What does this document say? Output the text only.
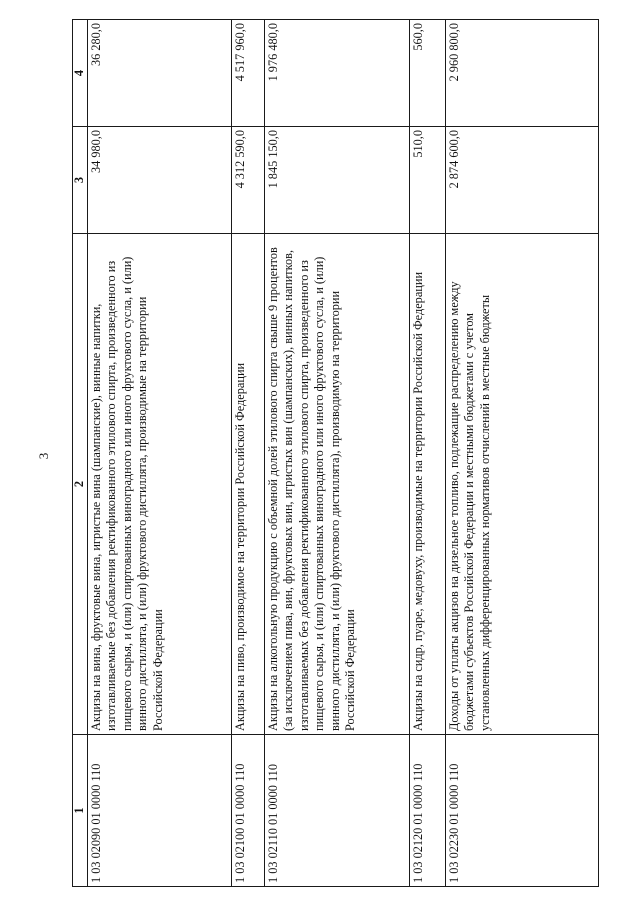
3
1	2	3	4
1 03 02090 01 0000 110	Акцизы на вина, фруктовые вина, игристые вина (шампанские), винные напитки, изготавливаемые без добавления ректификованного этилового спирта, произведенного из пищевого сырья, и (или) спиртованных виноградного или иного фруктового сусла, и (или) винного дистиллята, и (или) фруктового дистиллята, производимые на территории Российской Федерации	34 980,0	36 280,0
1 03 02100 01 0000 110	Акцизы на пиво, производимое на территории Российской Федерации	4 312 590,0	4 517 960,0
1 03 02110 01 0000 110	Акцизы на алкогольную продукцию с объемной долей этилового спирта свыше 9 процентов (за исключением пива, вин, фруктовых вин, игристых вин (шампанских), винных напитков, изготавливаемых без добавления ректификованного этилового спирта, произведенного из пищевого сырья, и (или) спиртованных виноградного или иного фруктового сусла, и (или) винного дистиллята, и (или) фруктового дистиллята), производимую на территории Российской Федерации	1 845 150,0	1 976 480,0
1 03 02120 01 0000 110	Акцизы на сидр, пуаре, медовуху, производимые на территории Российской Федерации	510,0	560,0
1 03 02230 01 0000 110	Доходы от уплаты акцизов на дизельное топливо, подлежащие распределению между бюджетами субъектов Российской Федерации и местными бюджетами с учетом установленных дифференцированных нормативов отчислений в местные бюджеты	2 874 600,0	2 960 800,0
